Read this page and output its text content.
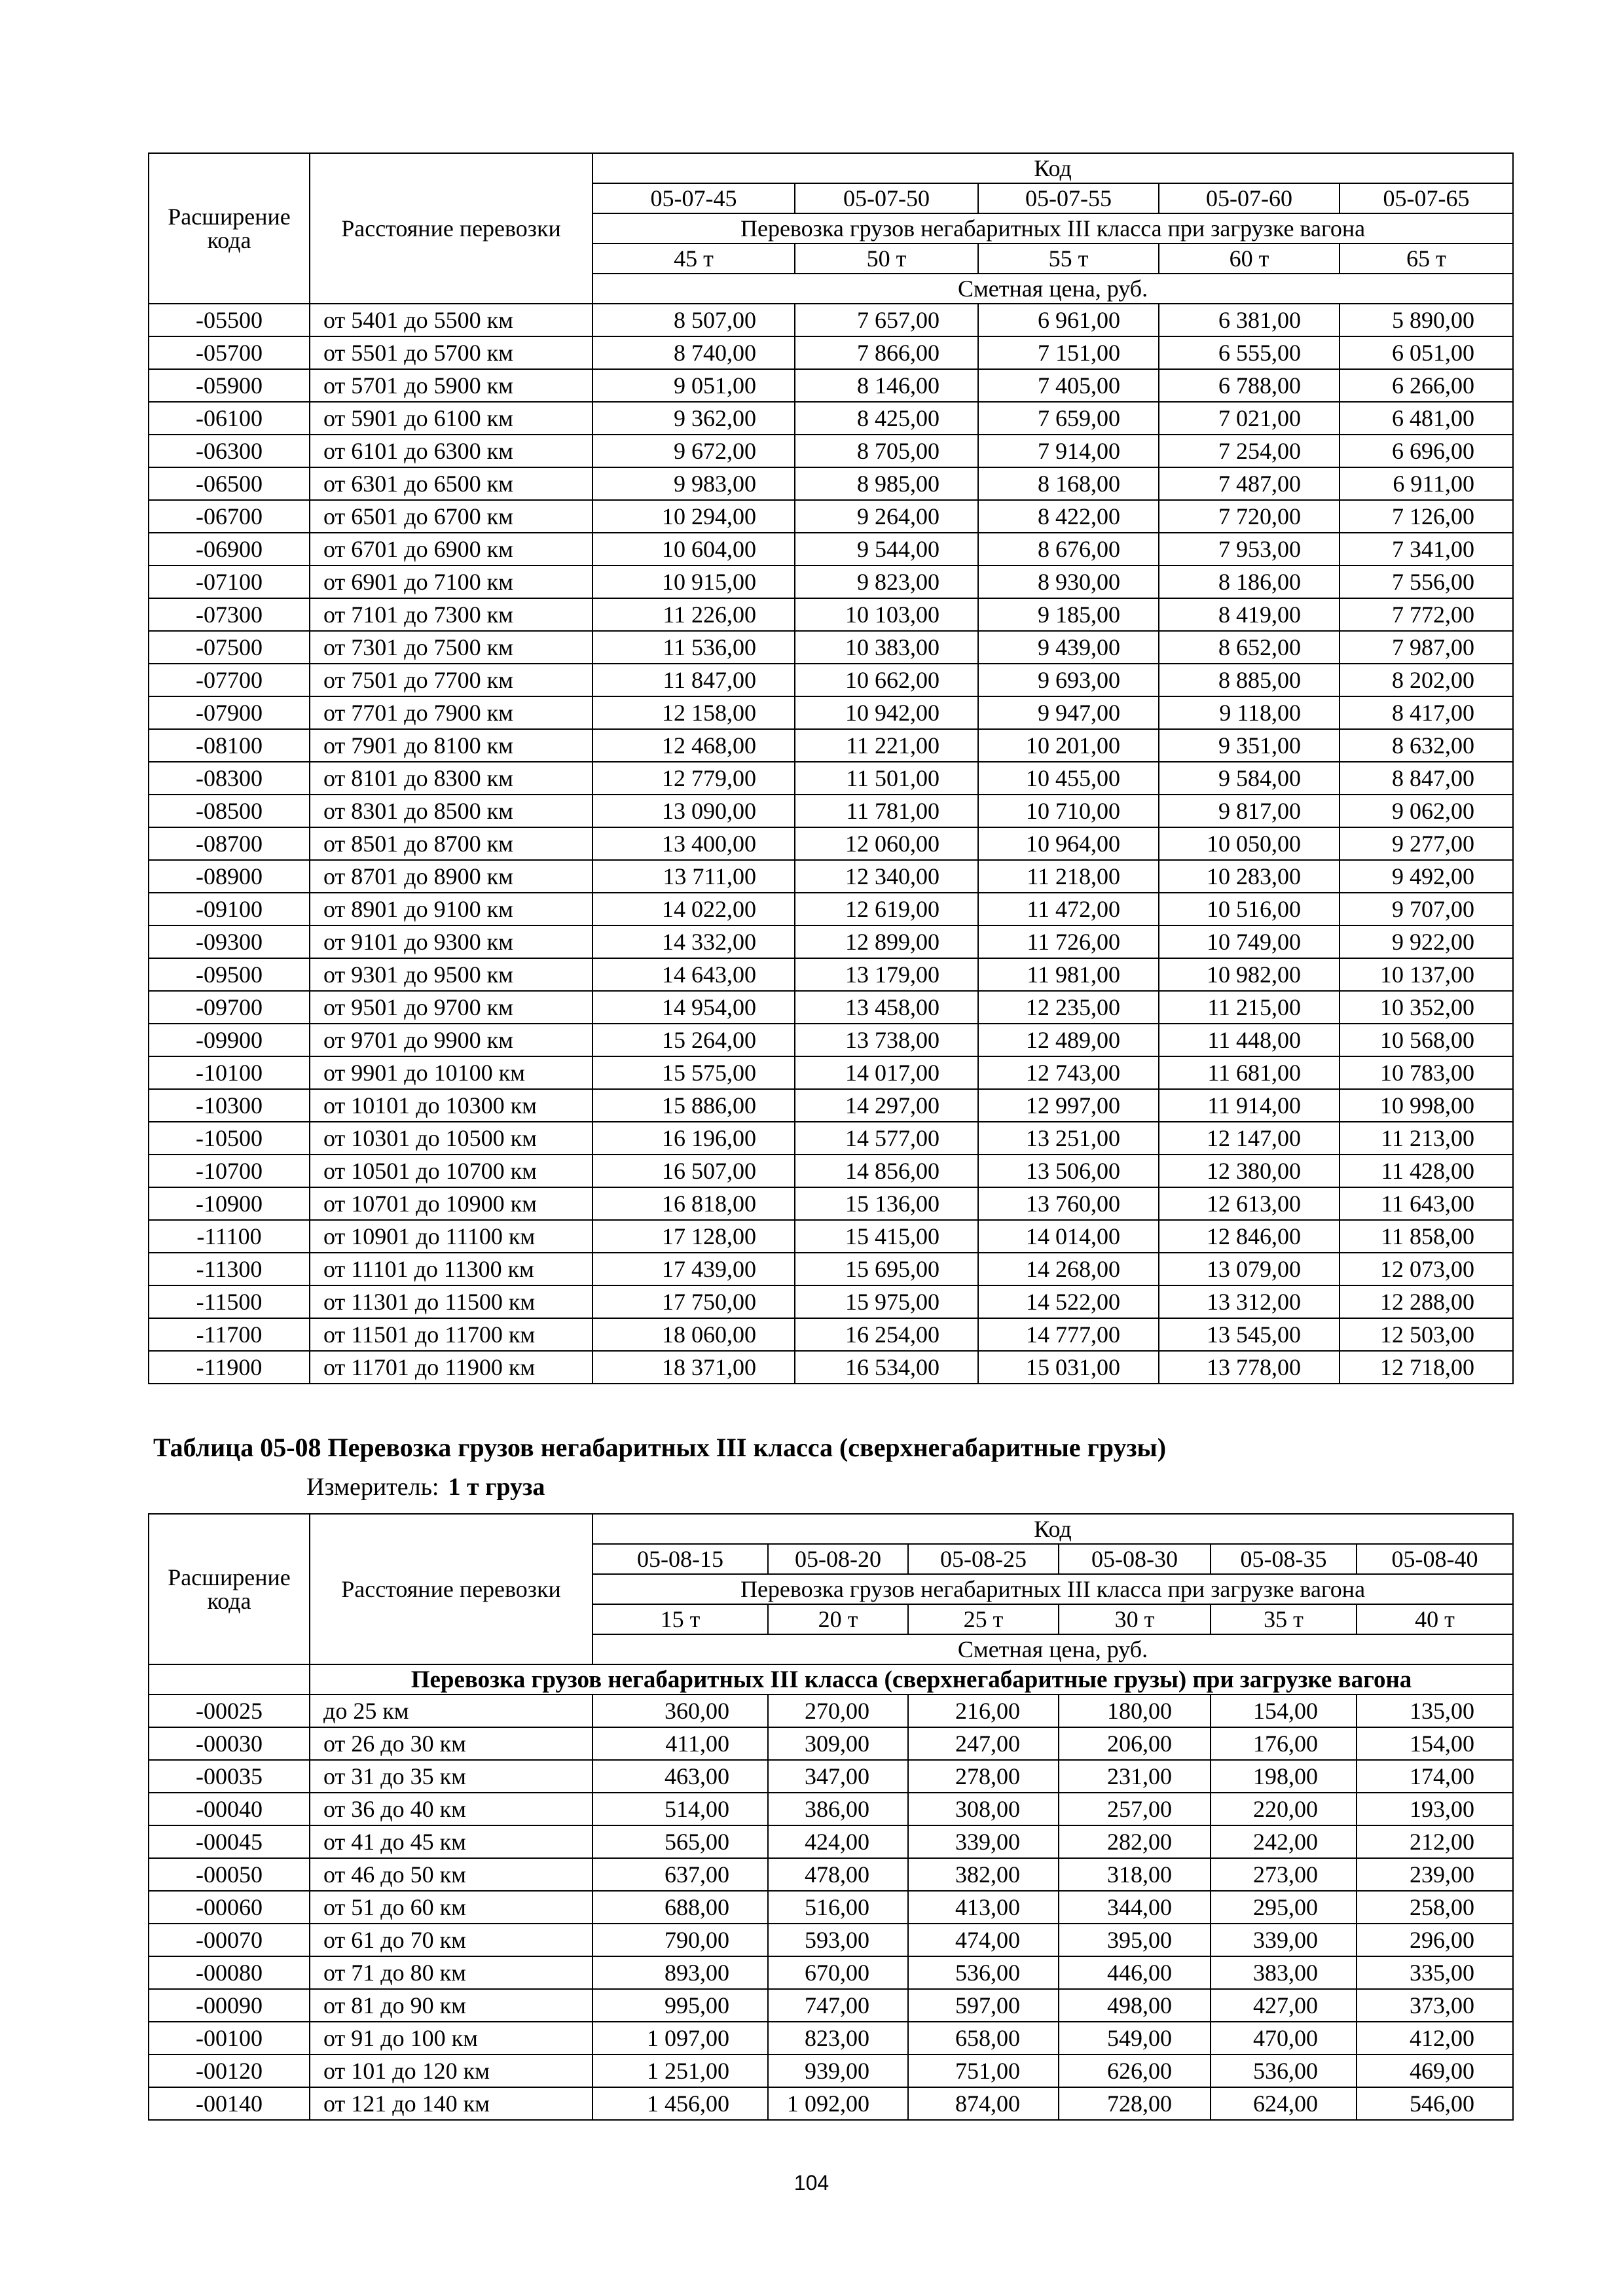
Расширение кода	Расстояние перевозки	Код				
		05-07-45	05-07-50	05-07-55	05-07-60	05-07-65
		Перевозка грузов негабаритных III класса при загрузке вагона				
		45 т	50 т	55 т	60 т	65 т
		Сметная цена, руб.				
-05500	от 5401 до 5500 км	8 507,00	7 657,00	6 961,00	6 381,00	5 890,00
-05700	от 5501 до 5700 км	8 740,00	7 866,00	7 151,00	6 555,00	6 051,00
-05900	от 5701 до 5900 км	9 051,00	8 146,00	7 405,00	6 788,00	6 266,00
-06100	от 5901 до 6100 км	9 362,00	8 425,00	7 659,00	7 021,00	6 481,00
-06300	от 6101 до 6300 км	9 672,00	8 705,00	7 914,00	7 254,00	6 696,00
-06500	от 6301 до 6500 км	9 983,00	8 985,00	8 168,00	7 487,00	6 911,00
-06700	от 6501 до 6700 км	10 294,00	9 264,00	8 422,00	7 720,00	7 126,00
-06900	от 6701 до 6900 км	10 604,00	9 544,00	8 676,00	7 953,00	7 341,00
-07100	от 6901 до 7100 км	10 915,00	9 823,00	8 930,00	8 186,00	7 556,00
-07300	от 7101 до 7300 км	11 226,00	10 103,00	9 185,00	8 419,00	7 772,00
-07500	от 7301 до 7500 км	11 536,00	10 383,00	9 439,00	8 652,00	7 987,00
-07700	от 7501 до 7700 км	11 847,00	10 662,00	9 693,00	8 885,00	8 202,00
-07900	от 7701 до 7900 км	12 158,00	10 942,00	9 947,00	9 118,00	8 417,00
-08100	от 7901 до 8100 км	12 468,00	11 221,00	10 201,00	9 351,00	8 632,00
-08300	от 8101 до 8300 км	12 779,00	11 501,00	10 455,00	9 584,00	8 847,00
-08500	от 8301 до 8500 км	13 090,00	11 781,00	10 710,00	9 817,00	9 062,00
-08700	от 8501 до 8700 км	13 400,00	12 060,00	10 964,00	10 050,00	9 277,00
-08900	от 8701 до 8900 км	13 711,00	12 340,00	11 218,00	10 283,00	9 492,00
-09100	от 8901 до 9100 км	14 022,00	12 619,00	11 472,00	10 516,00	9 707,00
-09300	от 9101 до 9300 км	14 332,00	12 899,00	11 726,00	10 749,00	9 922,00
-09500	от 9301 до 9500 км	14 643,00	13 179,00	11 981,00	10 982,00	10 137,00
-09700	от 9501 до 9700 км	14 954,00	13 458,00	12 235,00	11 215,00	10 352,00
-09900	от 9701 до 9900 км	15 264,00	13 738,00	12 489,00	11 448,00	10 568,00
-10100	от 9901 до 10100 км	15 575,00	14 017,00	12 743,00	11 681,00	10 783,00
-10300	от 10101 до 10300 км	15 886,00	14 297,00	12 997,00	11 914,00	10 998,00
-10500	от 10301 до 10500 км	16 196,00	14 577,00	13 251,00	12 147,00	11 213,00
-10700	от 10501 до 10700 км	16 507,00	14 856,00	13 506,00	12 380,00	11 428,00
-10900	от 10701 до 10900 км	16 818,00	15 136,00	13 760,00	12 613,00	11 643,00
-11100	от 10901 до 11100 км	17 128,00	15 415,00	14 014,00	12 846,00	11 858,00
-11300	от 11101 до 11300 км	17 439,00	15 695,00	14 268,00	13 079,00	12 073,00
-11500	от 11301 до 11500 км	17 750,00	15 975,00	14 522,00	13 312,00	12 288,00
-11700	от 11501 до 11700 км	18 060,00	16 254,00	14 777,00	13 545,00	12 503,00
-11900	от 11701 до 11900 км	18 371,00	16 534,00	15 031,00	13 778,00	12 718,00
Таблица 05-08 Перевозка грузов негабаритных III класса (сверхнегабаритные грузы)
Измеритель: 1 т груза
Расширение кода	Расстояние перевозки	Код					
		05-08-15	05-08-20	05-08-25	05-08-30	05-08-35	05-08-40
		Перевозка грузов негабаритных III класса при загрузке вагона					
		15 т	20 т	25 т	30 т	35 т	40 т
		Сметная цена, руб.					
	Перевозка грузов негабаритных III класса (сверхнегабаритные грузы) при загрузке вагона						
-00025	до 25 км	360,00	270,00	216,00	180,00	154,00	135,00
-00030	от 26 до 30 км	411,00	309,00	247,00	206,00	176,00	154,00
-00035	от 31 до 35 км	463,00	347,00	278,00	231,00	198,00	174,00
-00040	от 36 до 40 км	514,00	386,00	308,00	257,00	220,00	193,00
-00045	от 41 до 45 км	565,00	424,00	339,00	282,00	242,00	212,00
-00050	от 46 до 50 км	637,00	478,00	382,00	318,00	273,00	239,00
-00060	от 51 до 60 км	688,00	516,00	413,00	344,00	295,00	258,00
-00070	от 61 до 70 км	790,00	593,00	474,00	395,00	339,00	296,00
-00080	от 71 до 80 км	893,00	670,00	536,00	446,00	383,00	335,00
-00090	от 81 до 90 км	995,00	747,00	597,00	498,00	427,00	373,00
-00100	от 91 до 100 км	1 097,00	823,00	658,00	549,00	470,00	412,00
-00120	от 101 до 120 км	1 251,00	939,00	751,00	626,00	536,00	469,00
-00140	от 121 до 140 км	1 456,00	1 092,00	874,00	728,00	624,00	546,00
104
